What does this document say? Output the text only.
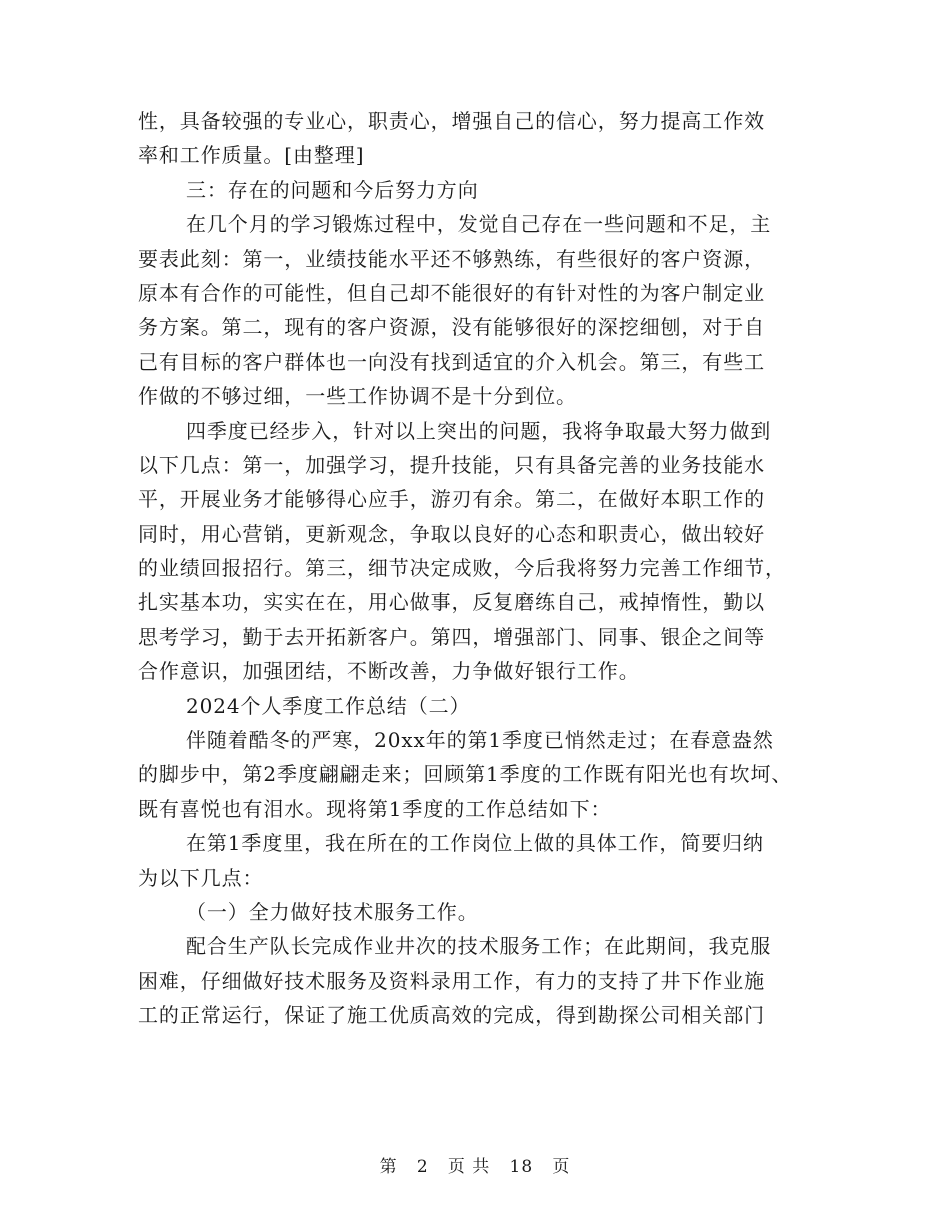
性，具备较强的专业心，职责心，增强自己的信心，努力提高工作效
率和工作质量。[由整理]
三：存在的问题和今后努力方向
在几个月的学习锻炼过程中，发觉自己存在一些问题和不足，主
要表此刻：第一，业绩技能水平还不够熟练，有些很好的客户资源，
原本有合作的可能性，但自己却不能很好的有针对性的为客户制定业
务方案。第二，现有的客户资源，没有能够很好的深挖细刨，对于自
己有目标的客户群体也一向没有找到适宜的介入机会。第三，有些工
作做的不够过细，一些工作协调不是十分到位。
四季度已经步入，针对以上突出的问题，我将争取最大努力做到
以下几点：第一，加强学习，提升技能，只有具备完善的业务技能水
平，开展业务才能够得心应手，游刃有余。第二，在做好本职工作的
同时，用心营销，更新观念，争取以良好的心态和职责心，做出较好
的业绩回报招行。第三，细节决定成败，今后我将努力完善工作细节，
扎实基本功，实实在在，用心做事，反复磨练自己，戒掉惰性，勤以
思考学习，勤于去开拓新客户。第四，增强部门、同事、银企之间等
合作意识，加强团结，不断改善，力争做好银行工作。
2024个人季度工作总结（二）
伴随着酷冬的严寒，20xx年的第1季度已悄然走过；在春意盎然
的脚步中，第2季度翩翩走来；回顾第1季度的工作既有阳光也有坎坷、
既有喜悦也有泪水。现将第1季度的工作总结如下：
在第1季度里，我在所在的工作岗位上做的具体工作，简要归纳
为以下几点：
（一）全力做好技术服务工作。
配合生产队长完成作业井次的技术服务工作；在此期间，我克服
困难，仔细做好技术服务及资料录用工作，有力的支持了井下作业施
工的正常运行，保证了施工优质高效的完成，得到勘探公司相关部门
第 2 页 共 18 页
